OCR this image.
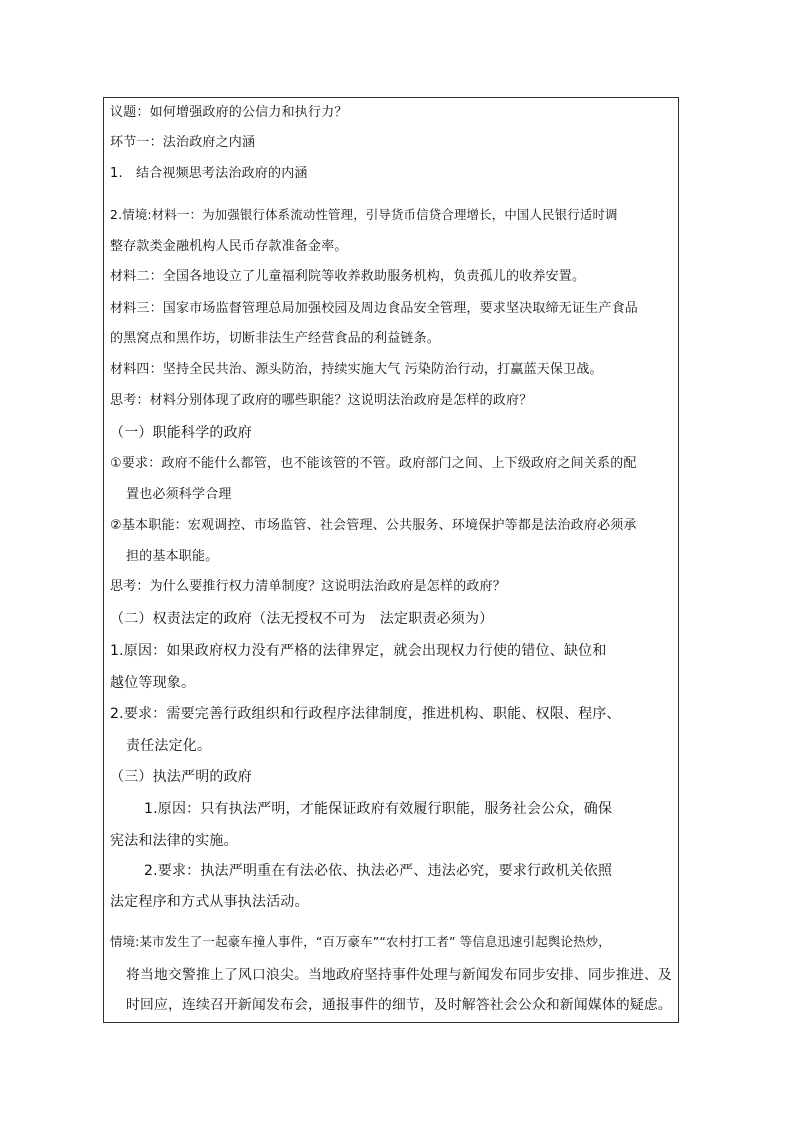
议题：如何增强政府的公信力和执行力？
环节一：法治政府之内涵
1.　结合视频思考法治政府的内涵
2.情境:材料一：为加强银行体系流动性管理，引导货币信贷合理增长，中国人民银行适时调
整存款类金融机构人民币存款准备金率。
材料二：全国各地设立了儿童福利院等收养救助服务机构，负责孤儿的收养安置。
材料三：国家市场监督管理总局加强校园及周边食品安全管理，要求坚决取缔无证生产食品
的黑窝点和黑作坊，切断非法生产经营食品的利益链条。
材料四：坚持全民共治、源头防治，持续实施大气 污染防治行动，打赢蓝天保卫战。
思考：材料分别体现了政府的哪些职能？这说明法治政府是怎样的政府？
（一）职能科学的政府
①要求：政府不能什么都管，也不能该管的不管。政府部门之间、上下级政府之间关系的配
置也必须科学合理
②基本职能：宏观调控、市场监管、社会管理、公共服务、环境保护等都是法治政府必须承
担的基本职能。
思考：为什么要推行权力清单制度？这说明法治政府是怎样的政府？
（二）权责法定的政府（法无授权不可为　法定职责必须为）
1.原因：如果政府权力没有严格的法律界定，就会出现权力行使的错位、缺位和
越位等现象。
2.要求：需要完善行政组织和行政程序法律制度，推进机构、职能、权限、程序、
责任法定化。
（三）执法严明的政府
1.原因：只有执法严明，才能保证政府有效履行职能，服务社会公众，确保
宪法和法律的实施。
2.要求：执法严明重在有法必依、执法必严、违法必究，要求行政机关依照
法定程序和方式从事执法活动。
情境:某市发生了一起豪车撞人事件，“百万豪车”“农村打工者” 等信息迅速引起舆论热炒，
将当地交警推上了风口浪尖。当地政府坚持事件处理与新闻发布同步安排、同步推进、及
时回应，连续召开新闻发布会，通报事件的细节，及时解答社会公众和新闻媒体的疑虑。
